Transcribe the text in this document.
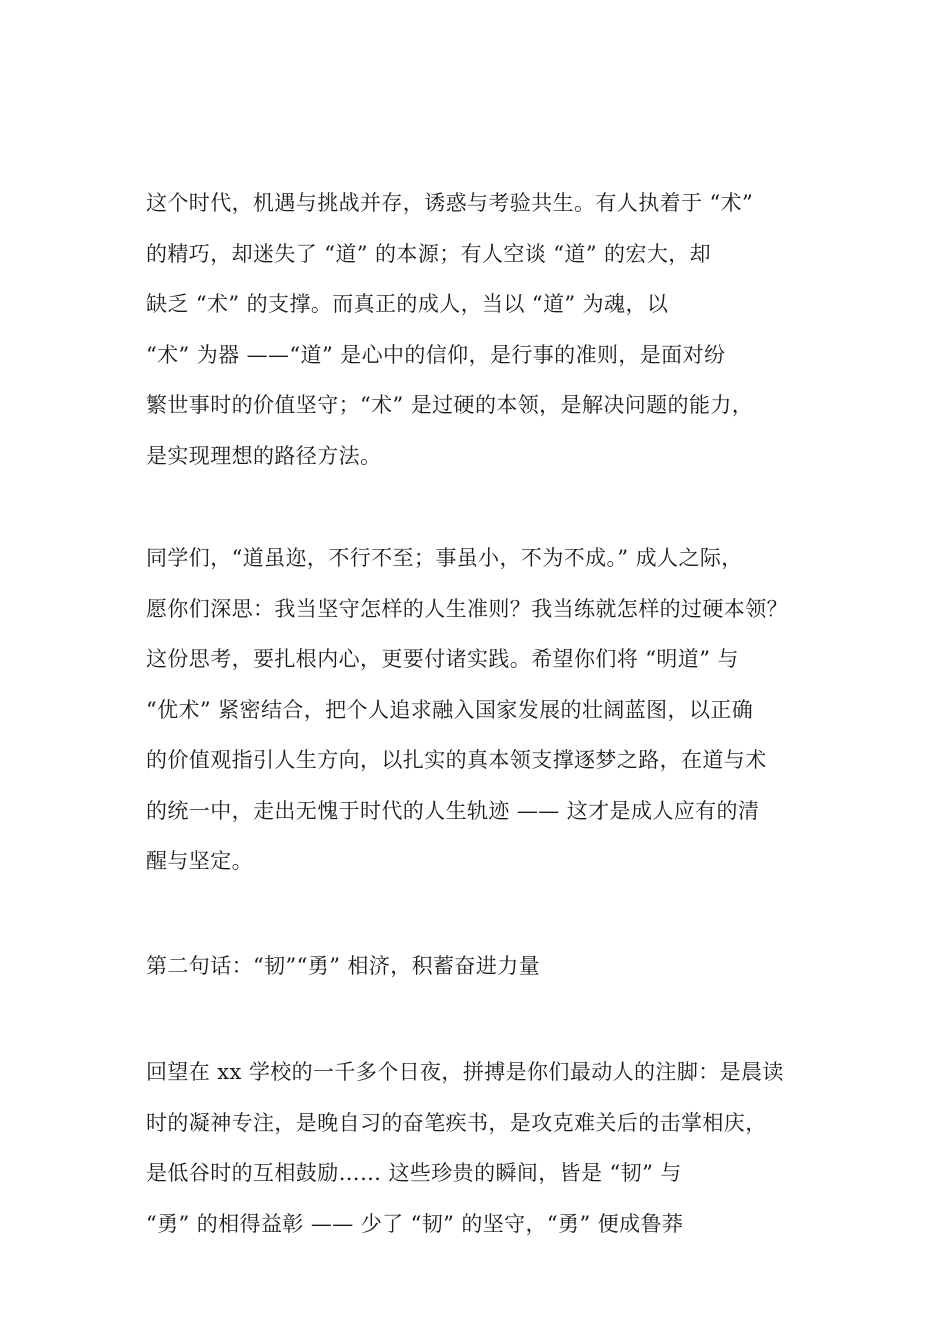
这个时代，机遇与挑战并存，诱惑与考验共生。有人执着于 “术”
的精巧，却迷失了 “道” 的本源；有人空谈 “道” 的宏大，却
缺乏 “术” 的支撑。而真正的成人，当以 “道” 为魂，以
“术” 为器 ——“道” 是心中的信仰，是行事的准则，是面对纷
繁世事时的价值坚守；“术” 是过硬的本领，是解决问题的能力，
是实现理想的路径方法。
同学们，“道虽迩，不行不至；事虽小，不为不成。” 成人之际，
愿你们深思：我当坚守怎样的人生准则？我当练就怎样的过硬本领？
这份思考，要扎根内心，更要付诸实践。希望你们将 “明道” 与
“优术” 紧密结合，把个人追求融入国家发展的壮阔蓝图，以正确
的价值观指引人生方向，以扎实的真本领支撑逐梦之路，在道与术
的统一中，走出无愧于时代的人生轨迹 —— 这才是成人应有的清
醒与坚定。
第二句话：“韧”“勇” 相济，积蓄奋进力量
回望在 xx 学校的一千多个日夜，拼搏是你们最动人的注脚：是晨读
时的凝神专注，是晚自习的奋笔疾书，是攻克难关后的击掌相庆，
是低谷时的互相鼓励…… 这些珍贵的瞬间，皆是 “韧” 与
“勇” 的相得益彰 —— 少了 “韧” 的坚守，“勇” 便成鲁莽
